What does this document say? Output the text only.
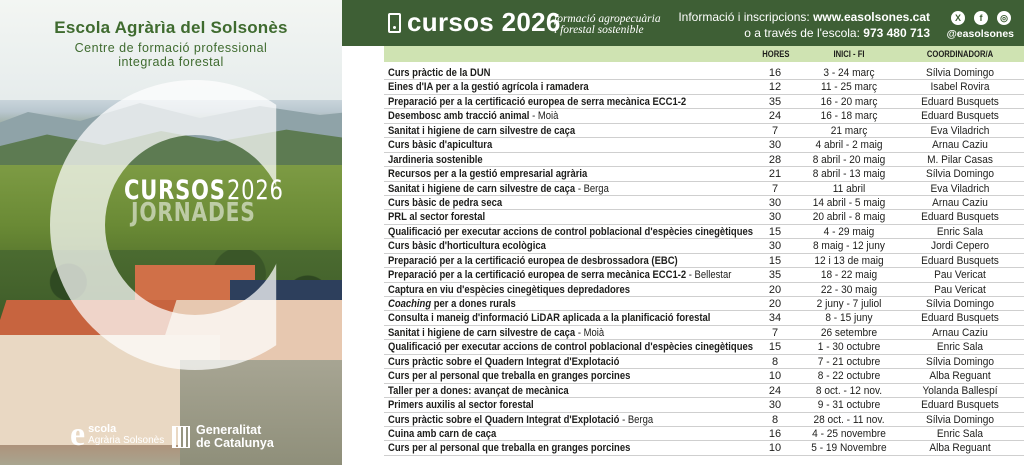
Escola Agràrìa del Solsonès
Centre de formació professional
integrada forestal
CURSOS 2026
JORNADES
e scola
Agrària Solsonès
Generalitat
de Catalunya
cursos 2026
formació agropecuària
i forestal sostenible
Informació i inscripcions: www.easolsones.cat
o a través de l'escola: 973 480 713
X	f	◎
@easolsones
HORES	INICI - FI	COORDINADOR/A
Curs pràctic de la DUN	16	3 - 24 març	Sílvia Domingo
Eines d'IA per a la gestió agrícola i ramadera	12	11 - 25 març	Isabel Rovira
Preparació per a la certificació europea de serra mecànica ECC1-2	35	16 - 20 març	Eduard Busquets
Desembosc amb tracció animal - Moià	24	16 - 18 març	Eduard Busquets
Sanitat i higiene de carn silvestre de caça	7	21 març	Eva Viladrich
Curs bàsic d'apicultura	30	4 abril - 2 maig	Arnau Caziu
Jardineria sostenible	28	8 abril - 20 maig	M. Pilar Casas
Recursos per a la gestió empresarial agrària	21	8 abril - 13 maig	Sílvia Domingo
Sanitat i higiene de carn silvestre de caça - Berga	7	11 abril	Eva Viladrich
Curs bàsic de pedra seca	30	14 abril - 5 maig	Arnau Caziu
PRL al sector forestal	30	20 abril - 8 maig	Eduard Busquets
Qualificació per executar accions de control poblacional d'espècies cinegètiques	15	4 - 29 maig	Enric Sala
Curs bàsic d'horticultura ecològica	30	8 maig - 12 juny	Jordi Cepero
Preparació per a la certificació europea de desbrossadora (EBC)	15	12 i 13 de maig	Eduard Busquets
Preparació per a la certificació europea de serra mecànica ECC1-2 - Bellestar	35	18 - 22 maig	Pau Vericat
Captura en viu d'espècies cinegètiques depredadores	20	22 - 30 maig	Pau Vericat
Coaching per a dones rurals	20	2 juny - 7 juliol	Sílvia Domingo
Consulta i maneig d'informació LiDAR aplicada a la planificació forestal	34	8 - 15 juny	Eduard Busquets
Sanitat i higiene de carn silvestre de caça - Moià	7	26 setembre	Arnau Caziu
Qualificació per executar accions de control poblacional d'espècies cinegètiques	15	1 - 30 octubre	Enric Sala
Curs pràctic sobre el Quadern Integrat d'Explotació	8	7 - 21 octubre	Sílvia Domingo
Curs per al personal que treballa en granges porcines	10	8 - 22 octubre	Alba Reguant
Taller per a dones: avançat de mecànica	24	8 oct. - 12 nov.	Yolanda Ballespí
Primers auxilis al sector forestal	30	9 - 31 octubre	Eduard Busquets
Curs pràctic sobre el Quadern Integrat d'Explotació - Berga	8	28 oct. - 11 nov.	Sílvia Domingo
Cuina amb carn de caça	16	4 - 25 novembre	Enric Sala
Curs per al personal que treballa en granges porcines	10	5 - 19 Novembre	Alba Reguant
